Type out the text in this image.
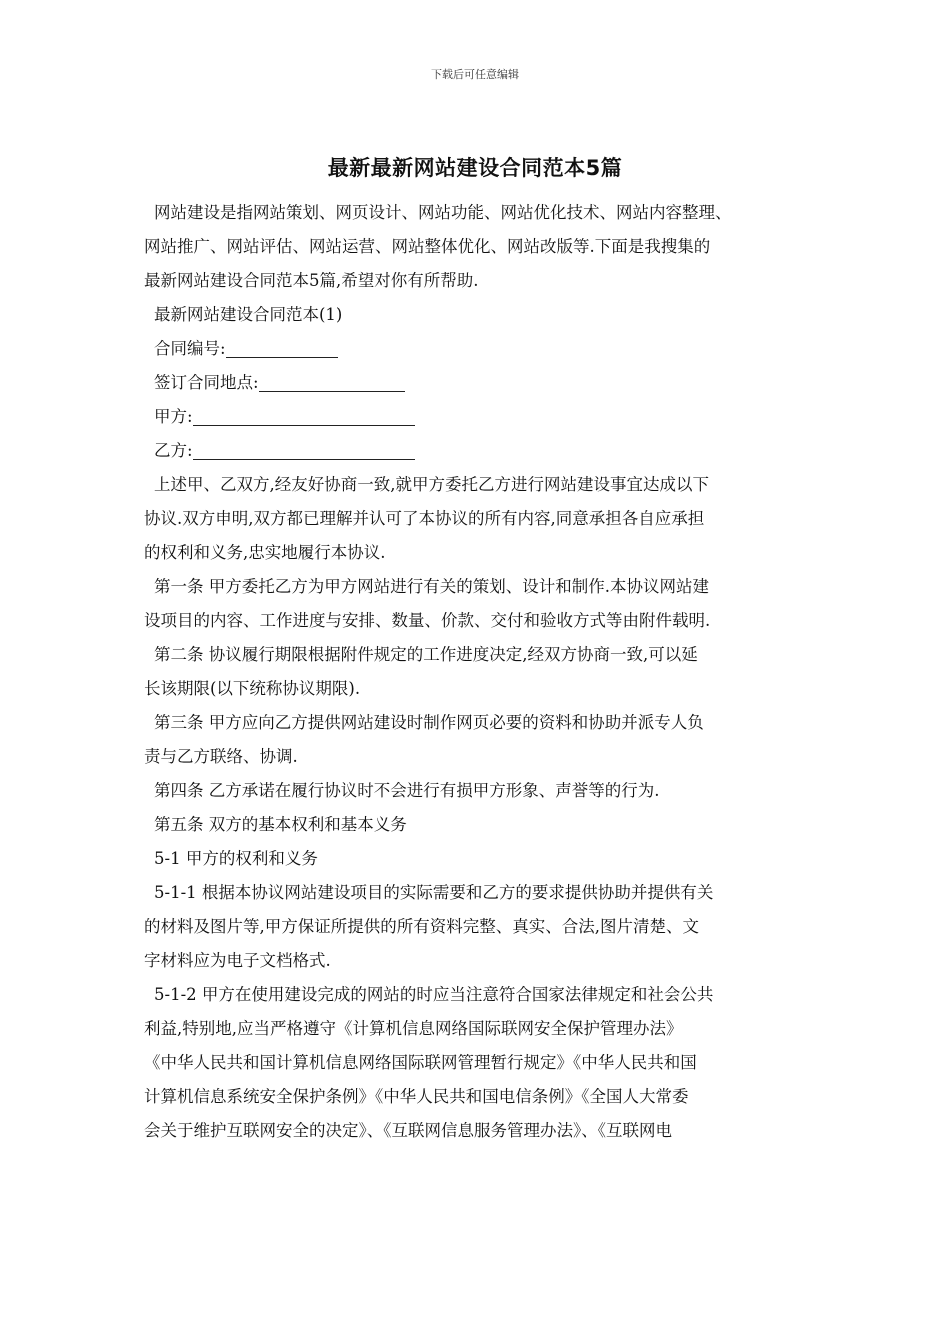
下载后可任意编辑
最新最新网站建设合同范本5篇
网站建设是指网站策划、网页设计、网站功能、网站优化技术、网站内容整理、
网站推广、网站评估、网站运营、网站整体优化、网站改版等.下面是我搜集的
最新网站建设合同范本5篇,希望对你有所帮助.
最新网站建设合同范本(1)
合同编号:
签订合同地点:
甲方:
乙方:
上述甲、乙双方,经友好协商一致,就甲方委托乙方进行网站建设事宜达成以下
协议.双方申明,双方都已理解并认可了本协议的所有内容,同意承担各自应承担
的权利和义务,忠实地履行本协议.
第一条 甲方委托乙方为甲方网站进行有关的策划、设计和制作.本协议网站建
设项目的内容、工作进度与安排、数量、价款、交付和验收方式等由附件载明.
第二条 协议履行期限根据附件规定的工作进度决定,经双方协商一致,可以延
长该期限(以下统称协议期限).
第三条 甲方应向乙方提供网站建设时制作网页必要的资料和协助并派专人负
责与乙方联络、协调.
第四条 乙方承诺在履行协议时不会进行有损甲方形象、声誉等的行为.
第五条 双方的基本权利和基本义务
5-1 甲方的权利和义务
5-1-1 根据本协议网站建设项目的实际需要和乙方的要求提供协助并提供有关
的材料及图片等,甲方保证所提供的所有资料完整、真实、合法,图片清楚、文
字材料应为电子文档格式.
5-1-2 甲方在使用建设完成的网站的时应当注意符合国家法律规定和社会公共
利益,特别地,应当严格遵守《计算机信息网络国际联网安全保护管理办法》
《中华人民共和国计算机信息网络国际联网管理暂行规定》《中华人民共和国
计算机信息系统安全保护条例》《中华人民共和国电信条例》《全国人大常委
会关于维护互联网安全的决定》、《互联网信息服务管理办法》、《互联网电
